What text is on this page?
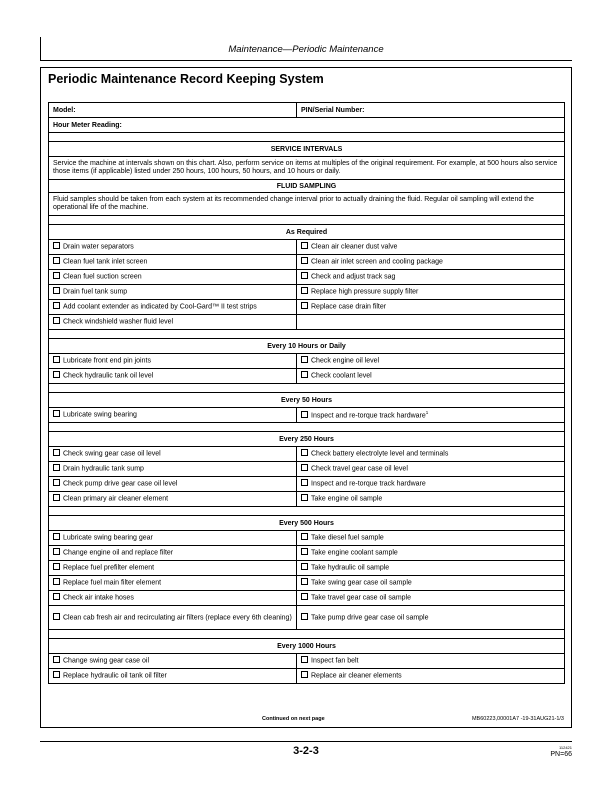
Maintenance—Periodic Maintenance
Periodic Maintenance Record Keeping System
Model:	PIN/Serial Number:
Hour Meter Reading:	

SERVICE INTERVALS	
Service the machine at intervals shown on this chart. Also, perform service on items at multiples of the original requirement. For example, at 500 hours also service those items (if applicable) listed under 250 hours, 100 hours, 50 hours, and 10 hours or daily.	
FLUID SAMPLING	
Fluid samples should be taken from each system at its recommended change interval prior to actually draining the fluid. Regular oil sampling will extend the operational life of the machine.	

As Required	
Drain water separators	Clean air cleaner dust valve
Clean fuel tank inlet screen	Clean air inlet screen and cooling package
Clean fuel suction screen	Check and adjust track sag
Drain fuel tank sump	Replace high pressure supply filter
Add coolant extender as indicated by Cool-Gard™ II test strips	Replace case drain filter
Check windshield washer fluid level	

Every 10 Hours or Daily	
Lubricate front end pin joints	Check engine oil level
Check hydraulic tank oil level	Check coolant level

Every 50 Hours	
Lubricate swing bearing	Inspect and re-torque track hardware$^1$

Every 250 Hours	
Check swing gear case oil level	Check battery electrolyte level and terminals
Drain hydraulic tank sump	Check travel gear case oil level
Check pump drive gear case oil level	Inspect and re-torque track hardware
Clean primary air cleaner element	Take engine oil sample

Every 500 Hours	
Lubricate swing bearing gear	Take diesel fuel sample
Change engine oil and replace filter	Take engine coolant sample
Replace fuel prefilter element	Take hydraulic oil sample
Replace fuel main filter element	Take swing gear case oil sample
Check air intake hoses	Take travel gear case oil sample
Clean cab fresh air and recirculating air filters (replace every 6th cleaning)	Take pump drive gear case oil sample

Every 1000 Hours	
Change swing gear case oil	Inspect fan belt
Replace hydraulic oil tank oil filter	Replace air cleaner elements
Continued on next page	MB60223,00001A7 -19-31AUG21-1/3
3-2-3	112421
PN=66
